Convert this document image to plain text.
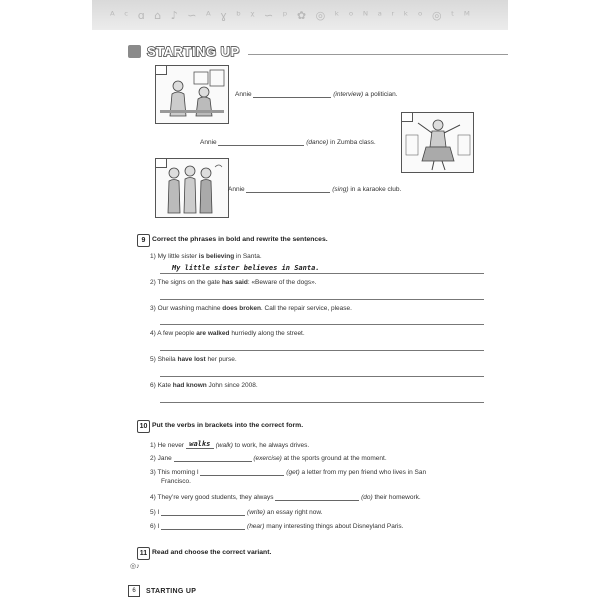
ᴬ ᶜ ɑ ⌂ ♪ ∽ ᴬ ɣ ᵇ ᵡ ∽ ᵖ ✿ ◎ ᵏ ᵒ ᴺ ᵃ ʳ ᵏ ᵒ ◎ ᵗ ᴹ
STARTING UP
Annie	(interview) a politician.
Annie	(dance) in Zumba class.
Annie	(sing) in a karaoke club.
9 Correct the phrases in bold and rewrite the sentences.
1) My little sister is believing in Santa.
My little sister believes in Santa.
2) The signs on the gate has said: «Beware of the dogs».
3) Our washing machine does broken. Call the repair service, please.
4) A few people are walked hurriedly along the street.
5) Sheila have lost her purse.
6) Kate had known John since 2008.
10 Put the verbs in brackets into the correct form.
1) He never walks (walk) to work, he always drives.
2) Jane	(exercise) at the sports ground at the moment.
3) This morning I	(get) a letter from my pen friend who lives in San
Francisco.
4) They’re very good students, they always	(do) their homework.
5) I	(write) an essay right now.
6) I	(hear) many interesting things about Disneyland Paris.
11 Read and choose the correct variant.
◎♪
6	STARTING UP
